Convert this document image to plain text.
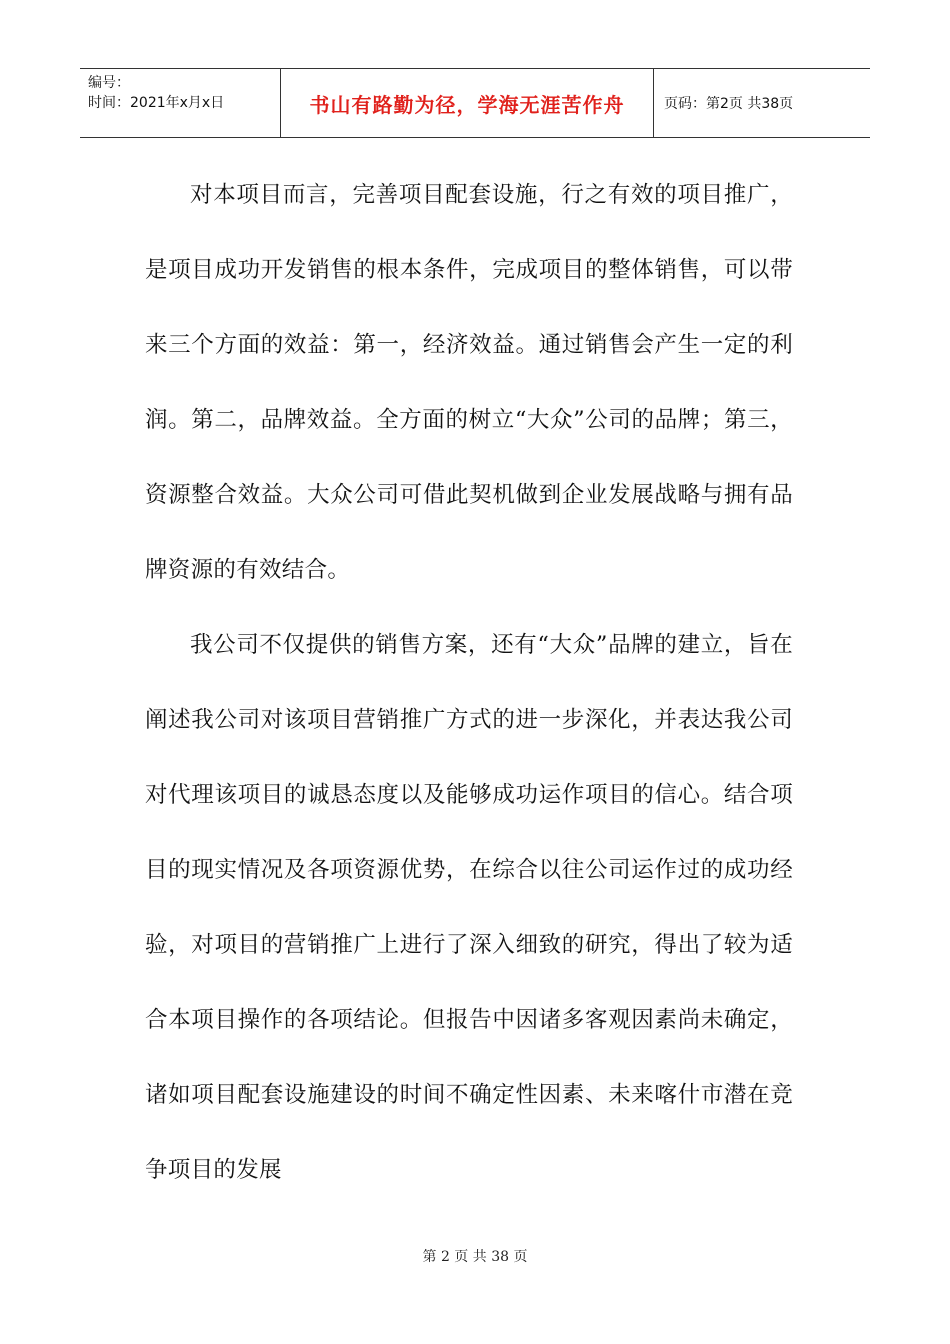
编号：
时间：2021年x月x日	书山有路勤为径，学海无涯苦作舟	页码：第2页 共38页

对本项目而言，完善项目配套设施，行之有效的项目推广，是项目成功开发销售的根本条件，完成项目的整体销售，可以带来三个方面的效益：第一，经济效益。通过销售会产生一定的利润。第二，品牌效益。全方面的树立“大众”公司的品牌；第三，资源整合效益。大众公司可借此契机做到企业发展战略与拥有品牌资源的有效结合。

我公司不仅提供的销售方案，还有“大众”品牌的建立，旨在阐述我公司对该项目营销推广方式的进一步深化，并表达我公司对代理该项目的诚恳态度以及能够成功运作项目的信心。结合项目的现实情况及各项资源优势，在综合以往公司运作过的成功经验，对项目的营销推广上进行了深入细致的研究，得出了较为适合本项目操作的各项结论。但报告中因诸多客观因素尚未确定，诸如项目配套设施建设的时间不确定性因素、未来喀什市潜在竞争项目的发展

第 2 页 共 38 页
